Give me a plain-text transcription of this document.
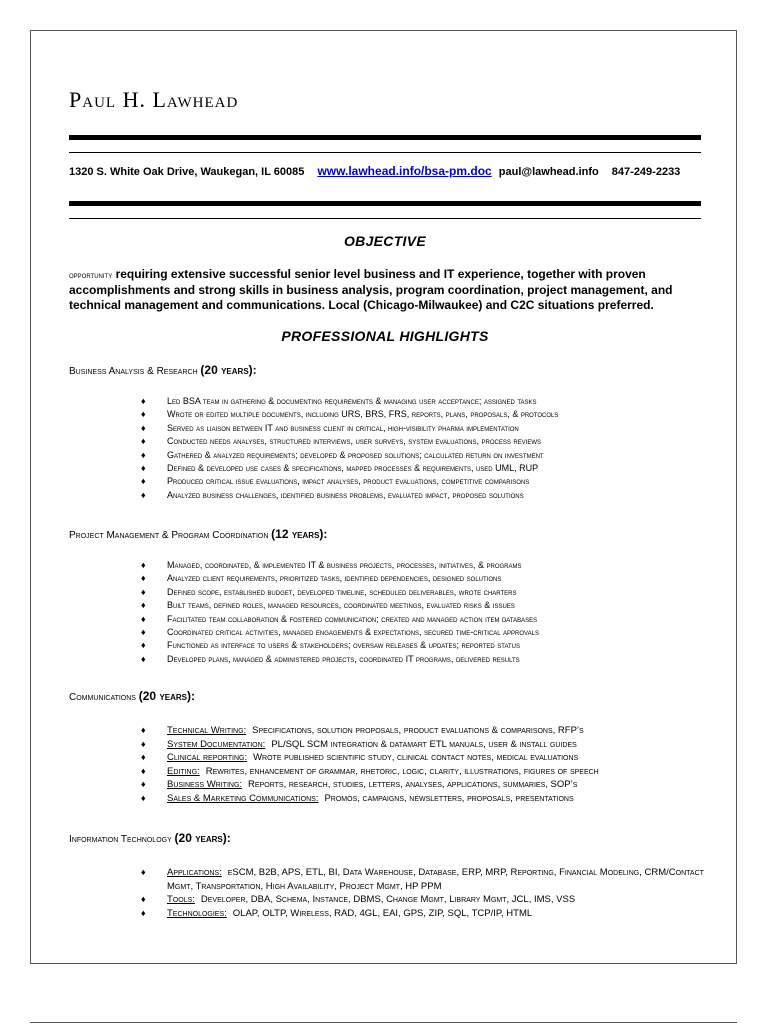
Paul H. Lawhead
1320 S. White Oak Drive, Waukegan, IL 60085 www.lawhead.info/bsa-pm.doc paul@lawhead.info 847-249-2233
OBJECTIVE
opportunity requiring extensive successful senior level business and IT experience, together with proven accomplishments and strong skills in business analysis, program coordination, project management, and technical management and communications. Local (Chicago-Milwaukee) and C2C situations preferred.
PROFESSIONAL HIGHLIGHTS
Business Analysis & Research (20 years):
♦ Led BSA team in gathering & documenting requirements & managing user acceptance; assigned tasks
♦ Wrote or edited multiple documents, including URS, BRS, FRS, reports, plans, proposals, & protocols
♦ Served as liaison between IT and business client in critical, high-visibility pharma implementation
♦ Conducted needs analyses, structured interviews, user surveys, system evaluations, process reviews
♦ Gathered & analyzed requirements; developed & proposed solutions; calculated return on investment
♦ Defined & developed use cases & specifications, mapped processes & requirements, used UML, RUP
♦ Produced critical issue evaluations, impact analyses, product evaluations, competitive comparisons
♦ Analyzed business challenges, identified business problems, evaluated impact, proposed solutions
Project Management & Program Coordination (12 years):
♦ Managed, coordinated, & implemented IT & business projects, processes, initiatives, & programs
♦ Analyzed client requirements, prioritized tasks, identified dependencies, designed solutions
♦ Defined scope, established budget, developed timeline, scheduled deliverables, wrote charters
♦ Built teams, defined roles, managed resources, coordinated meetings, evaluated risks & issues
♦ Facilitated team collaboration & fostered communication; created and managed action item databases
♦ Coordinated critical activities, managed engagements & expectations, secured time-critical approvals
♦ Functioned as interface to users & stakeholders; oversaw releases & updates; reported status
♦ Developed plans, managed & administered projects, coordinated IT programs, delivered results
Communications (20 years):
♦ Technical Writing: Specifications, solution proposals, product evaluations & comparisons, RFP’s
♦ System Documentation: PL/SQL SCM integration & datamart ETL manuals, user & install guides
♦ Clinical reporting: Wrote published scientific study, clinical contact notes, medical evaluations
♦ Editing: Rewrites, enhancement of grammar, rhetoric, logic, clarity, illustrations, figures of speech
♦ Business Writing: Reports, research, studies, letters, analyses, applications, summaries, SOP’s
♦ Sales & Marketing Communications: Promos, campaigns, newsletters, proposals, presentations
Information Technology (20 years):
♦ Applications: eSCM, B2B, APS, ETL, BI, Data Warehouse, Database, ERP, MRP, Reporting, Financial Modeling, CRM/Contact Mgmt, Transportation, High Availability, Project Mgmt, HP PPM
♦ Tools: Developer, DBA, Schema, Instance, DBMS, Change Mgmt, Library Mgmt, JCL, IMS, VSS
♦ Technologies: OLAP, OLTP, Wireless, RAD, 4GL, EAI, GPS, ZIP, SQL, TCP/IP, HTML
